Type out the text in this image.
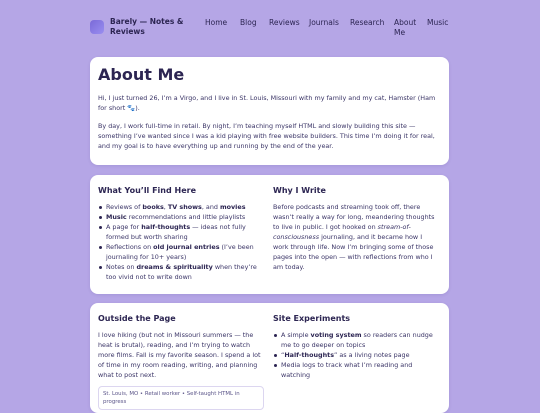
Barely — Notes & Reviews
Home Blog Reviews Journals Research About Me
Music
About Me

Hi, I just turned 26, I’m a Virgo, and I live in St. Louis, Missouri with my family and my cat, Hamster (Ham for short 🐾).

By day, I work full-time in retail. By night, I’m teaching myself HTML and slowly building this site — something I’ve wanted since I was a kid playing with free website builders. This time I’m doing it for real, and my goal is to have everything up and running by the end of the year.

What You’ll Find Here
Reviews of books, TV shows, and movies
Music recommendations and little playlists
A page for half-thoughts — ideas not fully formed but worth sharing
Reflections on old journal entries (I’ve been journaling for 10+ years)
Notes on dreams & spirituality when they’re too vivid not to write down
Why I Write

Before podcasts and streaming took off, there wasn’t really a way for long, meandering thoughts to live in public. I got hooked on stream-of-consciousness journaling, and it became how I work through life. Now I’m bringing some of those pages into the open — with reflections from who I am today.

Outside the Page

I love hiking (but not in Missouri summers — the heat is brutal), reading, and I’m trying to watch more films. Fall is my favorite season. I spend a lot of time in my room reading, writing, and planning what to post next.

St. Louis, MO • Retail worker • Self-taught HTML in progress
Site Experiments
A simple voting system so readers can nudge me to go deeper on topics
“Half-thoughts” as a living notes page
Media logs to track what I’m reading and watching
